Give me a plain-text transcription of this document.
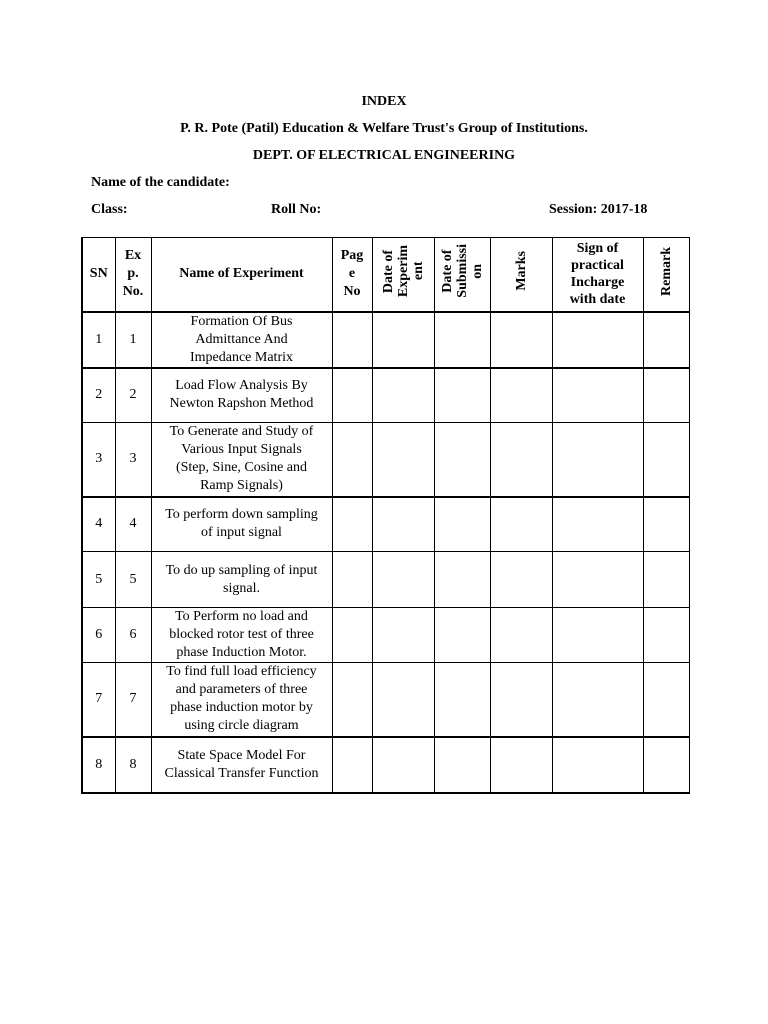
INDEX
P. R. Pote (Patil) Education & Welfare Trust's Group of Institutions.
DEPT. OF ELECTRICAL ENGINEERING
Name of the candidate:
Class:	Roll No:	Session: 2017-18
SN	Ex
p.
No.	Name of Experiment	Pag
e
No	Date of
Experim
ent	Date of
Submissi
on	Marks	Sign of
practical
Incharge
with date	Remark
1	1	Formation Of Bus
Admittance And
Impedance Matrix						
2	2	Load Flow Analysis By
Newton Rapshon Method						
3	3	To Generate and Study of
Various Input Signals
(Step, Sine, Cosine and
Ramp Signals)						
4	4	To perform down sampling
of input signal						
5	5	To do up sampling of input
signal.						
6	6	To Perform no load and
blocked rotor test of three
phase Induction Motor.						
7	7	To find full load efficiency
and parameters of three
phase induction motor by
using circle diagram						
8	8	State Space Model For
Classical Transfer Function						
